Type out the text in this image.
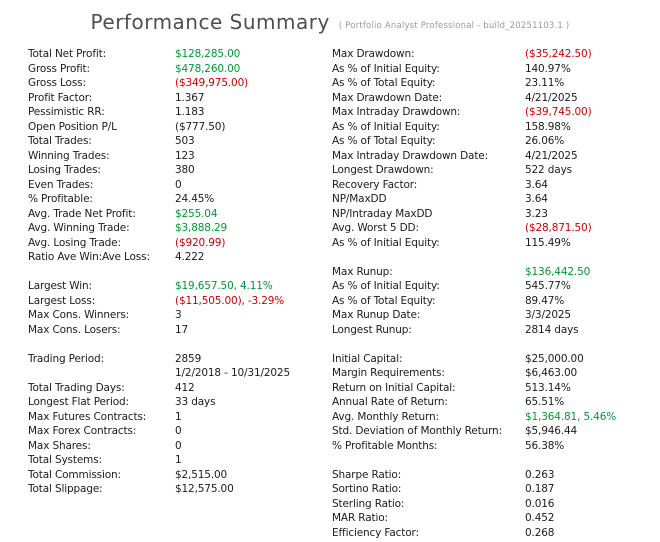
Performance Summary ( Portfolio Analyst Professional - build_20251103.1 )
Total Net Profit:	$128,285.00	Max Drawdown:	($35,242.50)
Gross Profit:	$478,260.00	As % of Initial Equity:	140.97%
Gross Loss:	($349,975.00)	As % of Total Equity:	23.11%
Profit Factor:	1.367	Max Drawdown Date:	4/21/2025
Pessimistic RR:	1.183	Max Intraday Drawdown:	($39,745.00)
Open Position P/L	($777.50)	As % of Initial Equity:	158.98%
Total Trades:	503	As % of Total Equity:	26.06%
Winning Trades:	123	Max Intraday Drawdown Date:	4/21/2025
Losing Trades:	380	Longest Drawdown:	522 days
Even Trades:	0	Recovery Factor:	3.64
% Profitable:	24.45%	NP/MaxDD	3.64
Avg. Trade Net Profit:	$255.04	NP/Intraday MaxDD	3.23
Avg. Winning Trade:	$3,888.29	Avg. Worst 5 DD:	($28,871.50)
Avg. Losing Trade:	($920.99)	As % of Initial Equity:	115.49%
Ratio Ave Win:Ave Loss:	4.222
Max Runup:	$136,442.50
Largest Win:	$19,657.50, 4.11%	As % of Initial Equity:	545.77%
Largest Loss:	($11,505.00), -3.29%	As % of Total Equity:	89.47%
Max Cons. Winners:	3	Max Runup Date:	3/3/2025
Max Cons. Losers:	17	Longest Runup:	2814 days
Trading Period:	2859	Initial Capital:	$25,000.00
1/2/2018 - 10/31/2025	Margin Requirements:	$6,463.00
Total Trading Days:	412	Return on Initial Capital:	513.14%
Longest Flat Period:	33 days	Annual Rate of Return:	65.51%
Max Futures Contracts:	1	Avg. Monthly Return:	$1,364.81, 5.46%
Max Forex Contracts:	0	Std. Deviation of Monthly Return:	$5,946.44
Max Shares:	0	% Profitable Months:	56.38%
Total Systems:	1
Total Commission:	$2,515.00	Sharpe Ratio:	0.263
Total Slippage:	$12,575.00	Sortino Ratio:	0.187
Sterling Ratio:	0.016
MAR Ratio:	0.452
Efficiency Factor:	0.268
